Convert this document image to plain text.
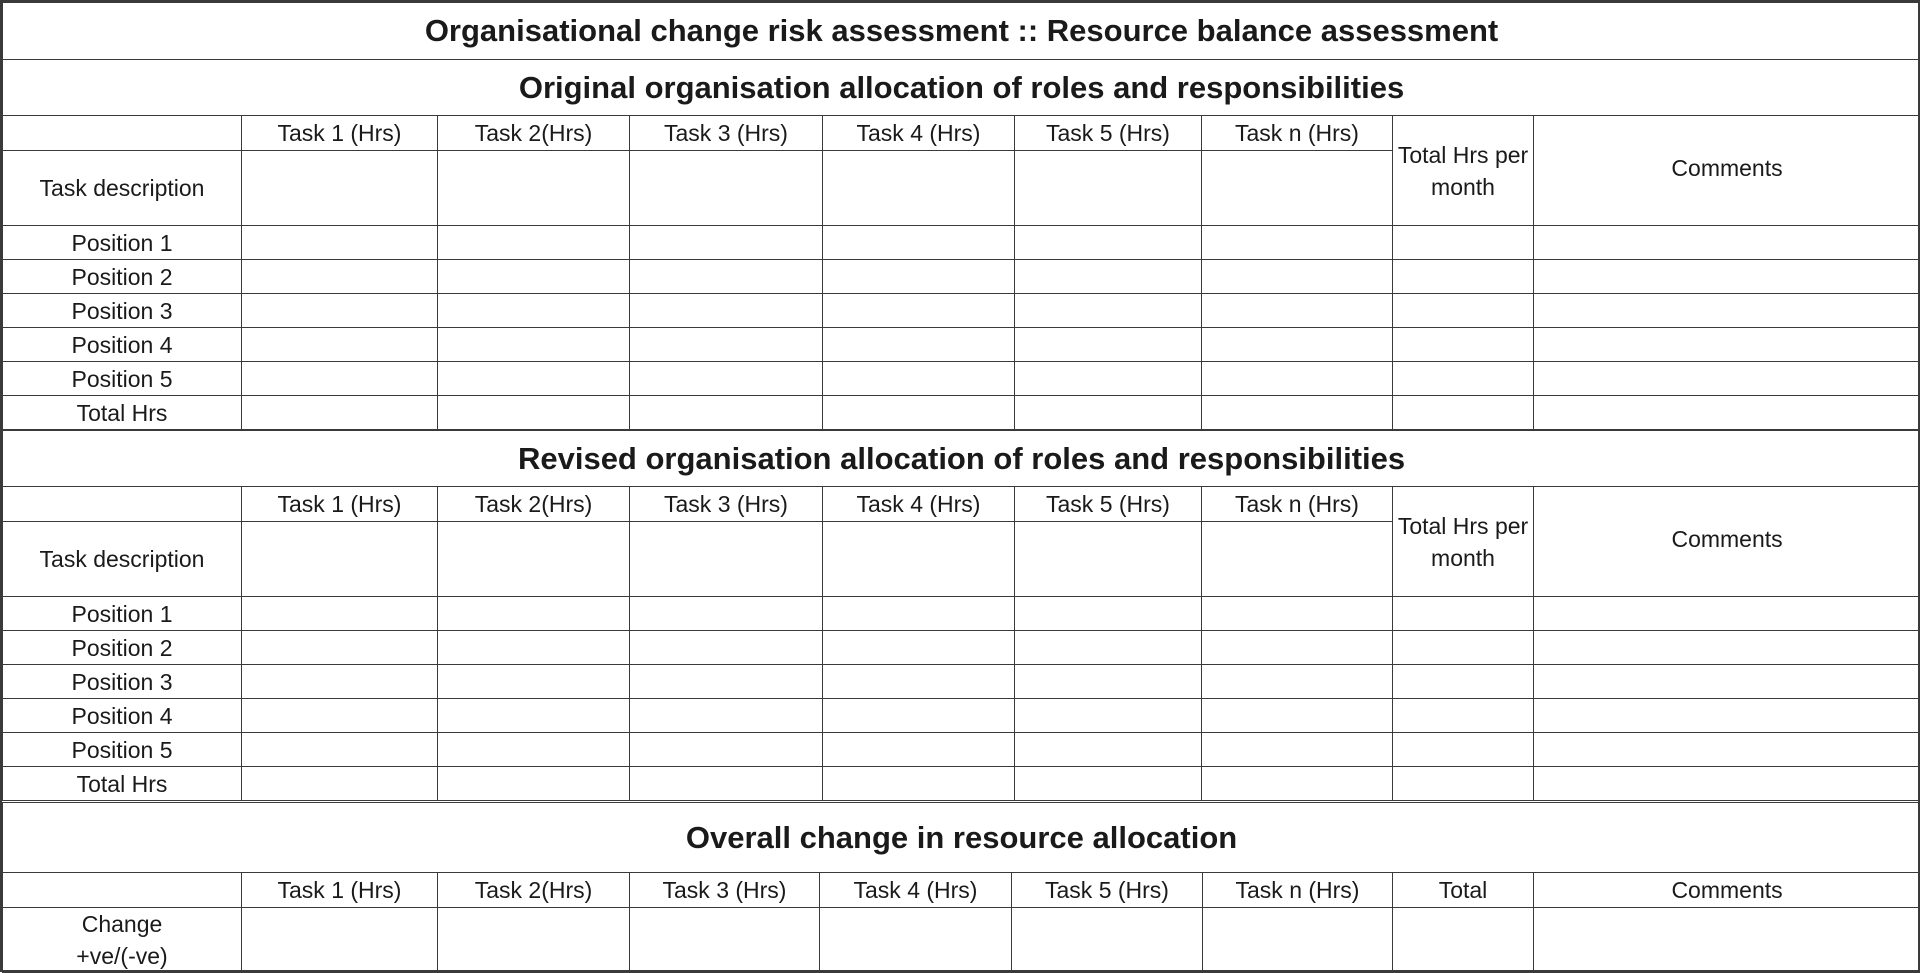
Organisational change risk assessment :: Resource balance assessment								
Original organisation allocation of roles and responsibilities								
	Task 1 (Hrs)	Task 2(Hrs)	Task 3 (Hrs)	Task 4 (Hrs)	Task 5 (Hrs)	Task n (Hrs)	Total Hrs per month	Comments
Task description								
Position 1								
Position 2								
Position 3								
Position 4								
Position 5								
Total Hrs								
Revised organisation allocation of roles and responsibilities								
	Task 1 (Hrs)	Task 2(Hrs)	Task 3 (Hrs)	Task 4 (Hrs)	Task 5 (Hrs)	Task n (Hrs)	Total Hrs per month	Comments
Task description								
Position 1								
Position 2								
Position 3								
Position 4								
Position 5								
Total Hrs								
Overall change in resource allocation								
	Task 1 (Hrs)	Task 2(Hrs)	Task 3 (Hrs)	Task 4 (Hrs)	Task 5 (Hrs)	Task n (Hrs)	Total	Comments
Change +ve/(-ve)								
